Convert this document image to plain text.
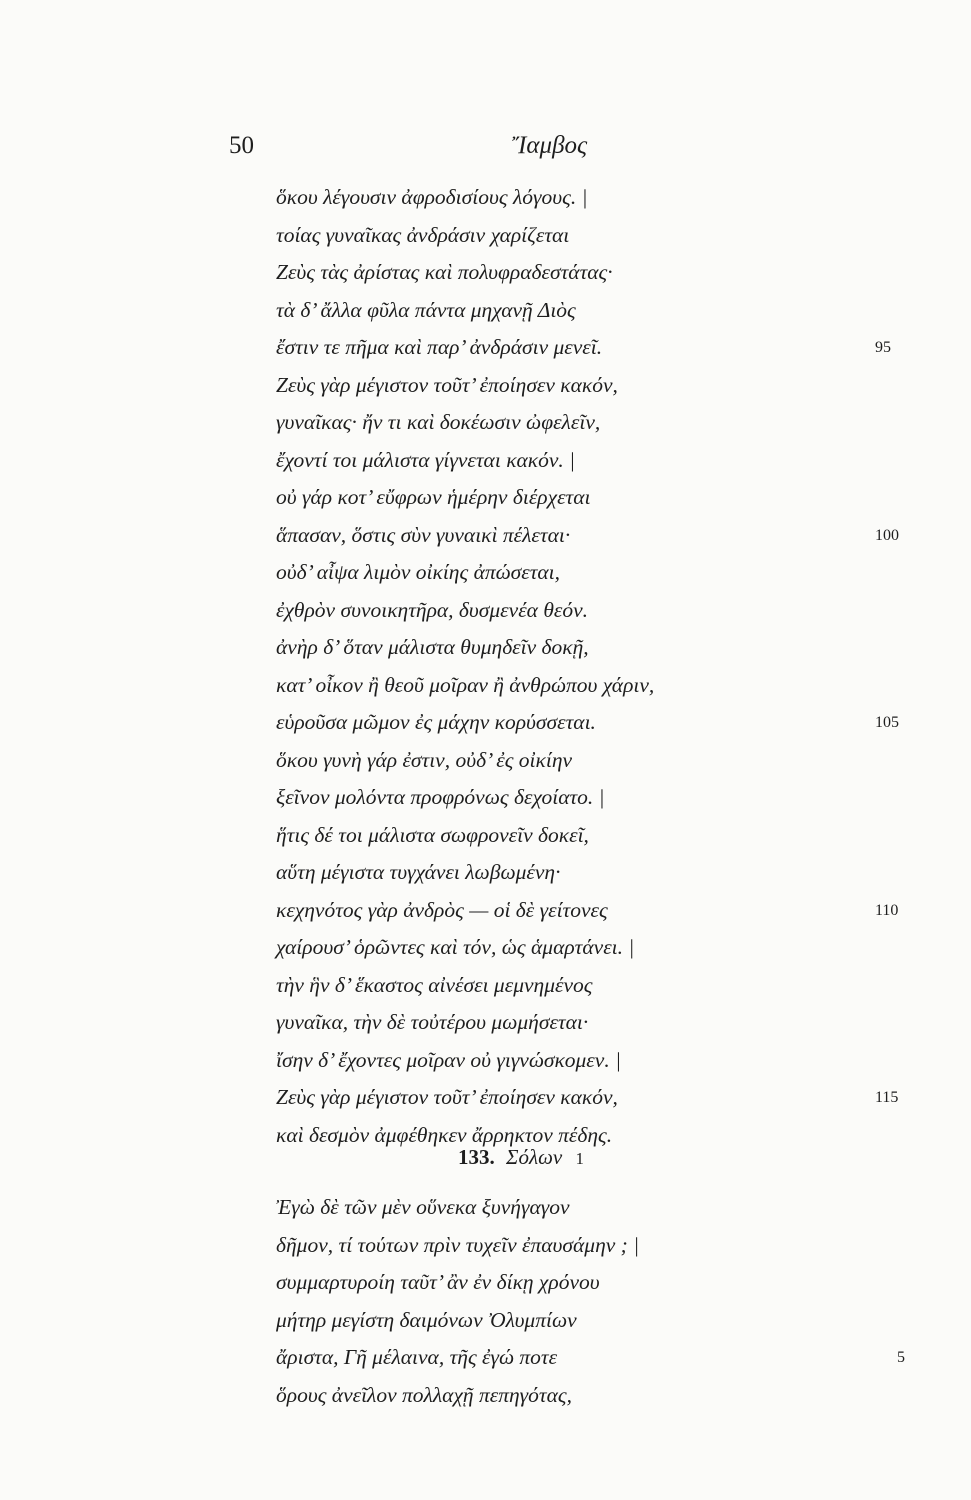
50	Ἴαμβος
ὅκου λέγουσιν ἀφροδισίους λόγους. |
τοίας γυναῖκας ἀνδράσιν χαρίζεται
Ζεὺς τὰς ἀρίστας καὶ πολυφραδεστάτας·
τὰ δ’ ἄλλα φῦλα πάντα μηχανῇ Διὸς
ἔστιν τε πῆμα καὶ παρ’ ἀνδράσιν μενεῖ.	95
Ζεὺς γὰρ μέγιστον τοῦτ’ ἐποίησεν κακόν,
γυναῖκας· ἤν τι καὶ δοκέωσιν ὠφελεῖν,
ἔχοντί τοι μάλιστα γίγνεται κακόν. |
οὐ γάρ κοτ’ εὔφρων ἡμέρην διέρχεται
ἅπασαν, ὅστις σὺν γυναικὶ πέλεται·	100
οὐδ’ αἶψα λιμὸν οἰκίης ἀπώσεται,
ἐχθρὸν συνοικητῆρα, δυσμενέα θεόν.
ἀνὴρ δ’ ὅταν μάλιστα θυμηδεῖν δοκῇ,
κατ’ οἶκον ἢ θεοῦ μοῖραν ἢ ἀνθρώπου χάριν,
εὑροῦσα μῶμον ἐς μάχην κορύσσεται.	105
ὅκου γυνὴ γάρ ἐστιν, οὐδ’ ἐς οἰκίην
ξεῖνον μολόντα προφρόνως δεχοίατο. |
ἥτις δέ τοι μάλιστα σωφρονεῖν δοκεῖ,
αὕτη μέγιστα τυγχάνει λωβωμένη·
κεχηνότος γὰρ ἀνδρὸς — οἱ δὲ γείτονες	110
χαίρουσ’ ὁρῶντες καὶ τόν, ὡς ἁμαρτάνει. |
τὴν ἣν δ’ ἕκαστος αἰνέσει μεμνημένος
γυναῖκα, τὴν δὲ τοὐτέρου μωμήσεται·
ἴσην δ’ ἔχοντες μοῖραν οὐ γιγνώσκομεν. |
Ζεὺς γὰρ μέγιστον τοῦτ’ ἐποίησεν κακόν,	115
καὶ δεσμὸν ἀμφέθηκεν ἄρρηκτον πέδης.
133. Σόλων 1
Ἐγὼ δὲ τῶν μὲν οὕνεκα ξυνήγαγον
δῆμον, τί τούτων πρὶν τυχεῖν ἐπαυσάμην ; |
συμμαρτυροίη ταῦτ’ ἂν ἐν δίκῃ χρόνου
μήτηρ μεγίστη δαιμόνων Ὀλυμπίων
ἄριστα, Γῆ μέλαινα, τῆς ἐγώ ποτε	5
ὅρους ἀνεῖλον πολλαχῇ πεπηγότας,
